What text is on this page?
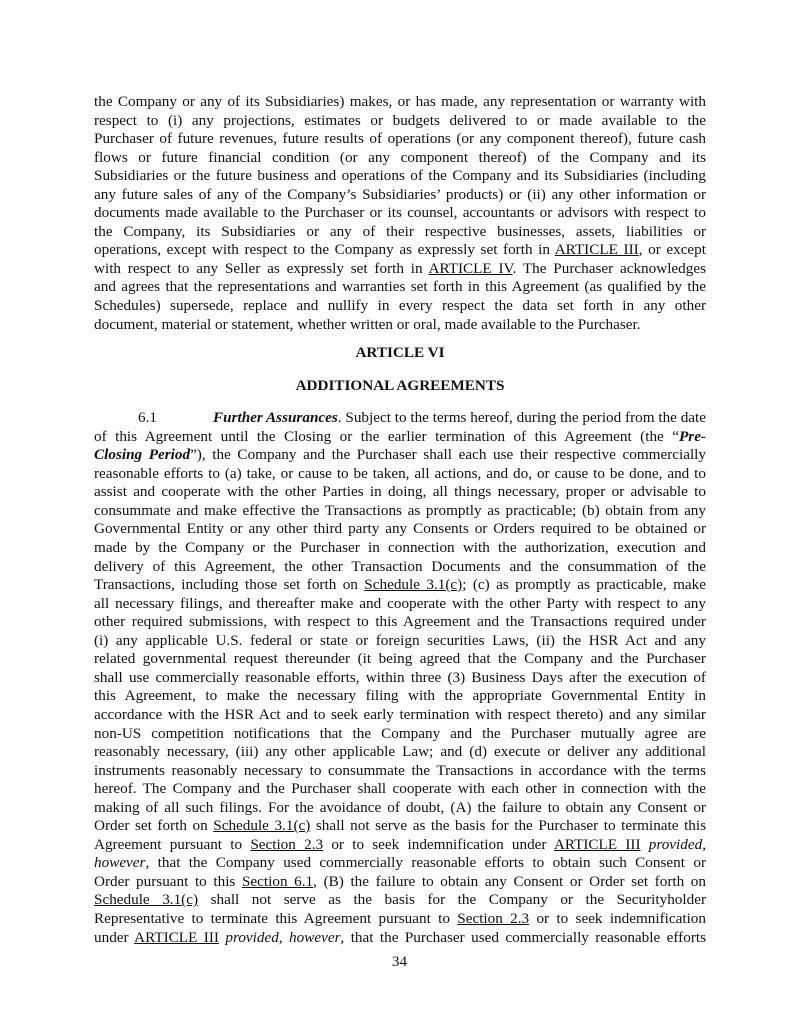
the Company or any of its Subsidiaries) makes, or has made, any representation or warranty with
respect to (i) any projections, estimates or budgets delivered to or made available to the
Purchaser of future revenues, future results of operations (or any component thereof), future cash
flows or future financial condition (or any component thereof) of the Company and its
Subsidiaries or the future business and operations of the Company and its Subsidiaries (including
any future sales of any of the Company’s Subsidiaries’ products) or (ii) any other information or
documents made available to the Purchaser or its counsel, accountants or advisors with respect to
the Company, its Subsidiaries or any of their respective businesses, assets, liabilities or
operations, except with respect to the Company as expressly set forth in ARTICLE III, or except
with respect to any Seller as expressly set forth in ARTICLE IV. The Purchaser acknowledges
and agrees that the representations and warranties set forth in this Agreement (as qualified by the
Schedules) supersede, replace and nullify in every respect the data set forth in any other
document, material or statement, whether written or oral, made available to the Purchaser.
ARTICLE VI
ADDITIONAL AGREEMENTS
6.1	Further Assurances. Subject to the terms hereof, during the period from the date
of this Agreement until the Closing or the earlier termination of this Agreement (the “Pre-
Closing Period”), the Company and the Purchaser shall each use their respective commercially
reasonable efforts to (a) take, or cause to be taken, all actions, and do, or cause to be done, and to
assist and cooperate with the other Parties in doing, all things necessary, proper or advisable to
consummate and make effective the Transactions as promptly as practicable; (b) obtain from any
Governmental Entity or any other third party any Consents or Orders required to be obtained or
made by the Company or the Purchaser in connection with the authorization, execution and
delivery of this Agreement, the other Transaction Documents and the consummation of the
Transactions, including those set forth on Schedule 3.1(c); (c) as promptly as practicable, make
all necessary filings, and thereafter make and cooperate with the other Party with respect to any
other required submissions, with respect to this Agreement and the Transactions required under
(i) any applicable U.S. federal or state or foreign securities Laws, (ii) the HSR Act and any
related governmental request thereunder (it being agreed that the Company and the Purchaser
shall use commercially reasonable efforts, within three (3) Business Days after the execution of
this Agreement, to make the necessary filing with the appropriate Governmental Entity in
accordance with the HSR Act and to seek early termination with respect thereto) and any similar
non-US competition notifications that the Company and the Purchaser mutually agree are
reasonably necessary, (iii) any other applicable Law; and (d) execute or deliver any additional
instruments reasonably necessary to consummate the Transactions in accordance with the terms
hereof. The Company and the Purchaser shall cooperate with each other in connection with the
making of all such filings. For the avoidance of doubt, (A) the failure to obtain any Consent or
Order set forth on Schedule 3.1(c) shall not serve as the basis for the Purchaser to terminate this
Agreement pursuant to Section 2.3 or to seek indemnification under ARTICLE III provided,
however, that the Company used commercially reasonable efforts to obtain such Consent or
Order pursuant to this Section 6.1, (B) the failure to obtain any Consent or Order set forth on
Schedule 3.1(c) shall not serve as the basis for the Company or the Securityholder
Representative to terminate this Agreement pursuant to Section 2.3 or to seek indemnification
under ARTICLE III provided, however, that the Purchaser used commercially reasonable efforts
34
